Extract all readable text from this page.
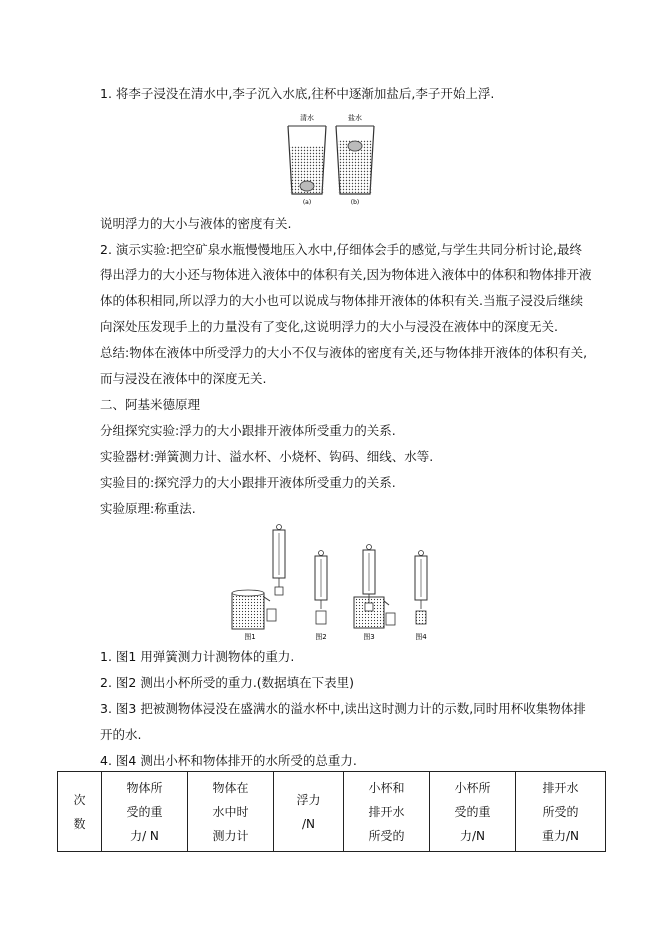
1. 将李子浸没在清水中,李子沉入水底,往杯中逐渐加盐后,李子开始上浮.
清水	盐水
(a)	(b)
说明浮力的大小与液体的密度有关.
2. 演示实验:把空矿泉水瓶慢慢地压入水中,仔细体会手的感觉,与学生共同分析讨论,最终
得出浮力的大小还与物体进入液体中的体积有关,因为物体进入液体中的体积和物体排开液
体的体积相同,所以浮力的大小也可以说成与物体排开液体的体积有关.当瓶子浸没后继续
向深处压发现手上的力量没有了变化,这说明浮力的大小与浸没在液体中的深度无关.
总结:物体在液体中所受浮力的大小不仅与液体的密度有关,还与物体排开液体的体积有关,
而与浸没在液体中的深度无关.
二、阿基米德原理
分组探究实验:浮力的大小跟排开液体所受重力的关系.
实验器材:弹簧测力计、溢水杯、小烧杯、钩码、细线、水等.
实验目的:探究浮力的大小跟排开液体所受重力的关系.
实验原理:称重法.
图1	图2	图3	图4
1. 图1 用弹簧测力计测物体的重力.
2. 图2 测出小杯所受的重力.(数据填在下表里)
3. 图3 把被测物体浸没在盛满水的溢水杯中,读出这时测力计的示数,同时用杯收集物体排
开的水.
4. 图4 测出小杯和物体排开的水所受的总重力.
次
数

物体所
受的重
力/ N

物体在
水中时
测力计

浮力
/N

小杯和
排开水
所受的

小杯所
受的重
力/N

排开水
所受的
重力/N
